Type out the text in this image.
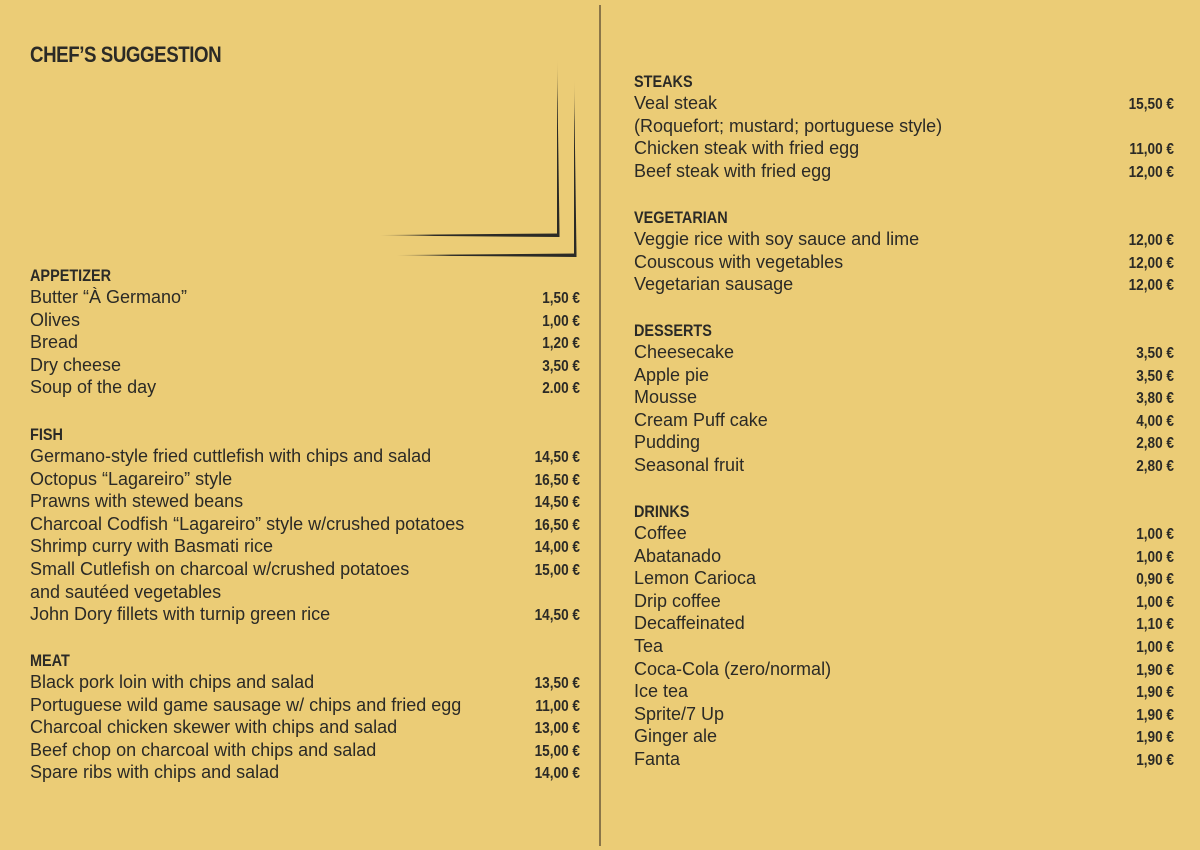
CHEF’S SUGGESTION
APPETIZER
Butter “À Germano”	1,50 €
Olives	1,00 €
Bread	1,20 €
Dry cheese	3,50 €
Soup of the day	2.00 €
FISH
Germano-style fried cuttlefish with chips and salad	14,50 €
Octopus “Lagareiro” style	16,50 €
Prawns with stewed beans	14,50 €
Charcoal Codfish “Lagareiro” style w/crushed potatoes	16,50 €
Shrimp curry with Basmati rice	14,00 €
Small Cutlefish on charcoal w/crushed potatoes	15,00 €
and sautéed vegetables
John Dory fillets with turnip green rice	14,50 €
MEAT
Black pork loin with chips and salad	13,50 €
Portuguese wild game sausage w/ chips and fried egg	11,00 €
Charcoal chicken skewer with chips and salad	13,00 €
Beef chop on charcoal with chips and salad	15,00 €
Spare ribs with chips and salad	14,00 €
STEAKS
Veal steak	15,50 €
(Roquefort; mustard; portuguese style)
Chicken steak with fried egg	11,00 €
Beef steak with fried egg	12,00 €
VEGETARIAN
Veggie rice with soy sauce and lime	12,00 €
Couscous with vegetables	12,00 €
Vegetarian sausage	12,00 €
DESSERTS
Cheesecake	3,50 €
Apple pie	3,50 €
Mousse	3,80 €
Cream Puff cake	4,00 €
Pudding	2,80 €
Seasonal fruit	2,80 €
DRINKS
Coffee	1,00 €
Abatanado	1,00 €
Lemon Carioca	0,90 €
Drip coffee	1,00 €
Decaffeinated	1,10 €
Tea	1,00 €
Coca-Cola (zero/normal)	1,90 €
Ice tea	1,90 €
Sprite/7 Up	1,90 €
Ginger ale	1,90 €
Fanta	1,90 €
